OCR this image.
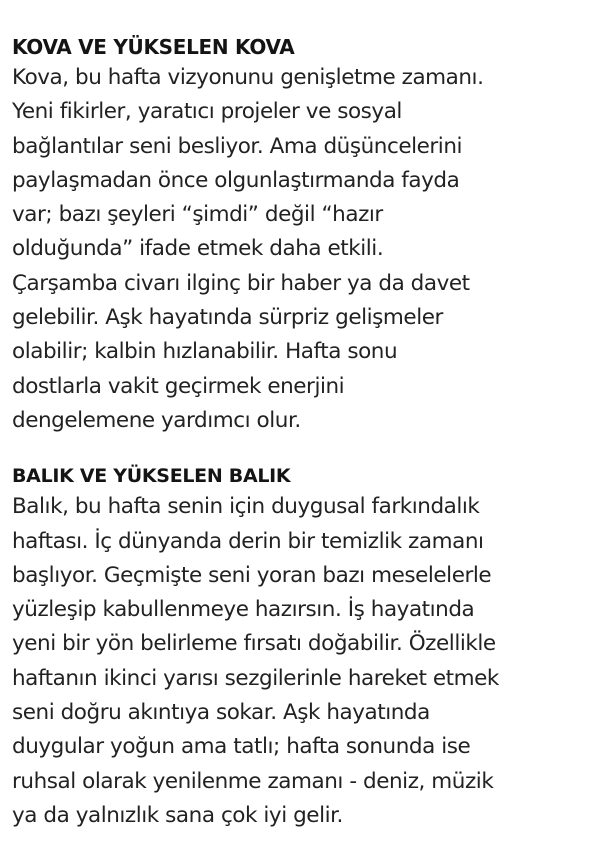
KOVA VE YÜKSELEN KOVA
Kova, bu hafta vizyonunu genişletme zamanı.
Yeni fikirler, yaratıcı projeler ve sosyal
bağlantılar seni besliyor. Ama düşüncelerini
paylaşmadan önce olgunlaştırmanda fayda
var; bazı şeyleri “şimdi” değil “hazır
olduğunda” ifade etmek daha etkili.
Çarşamba civarı ilginç bir haber ya da davet
gelebilir. Aşk hayatında sürpriz gelişmeler
olabilir; kalbin hızlanabilir. Hafta sonu
dostlarla vakit geçirmek enerjini
dengelemene yardımcı olur.
BALIK VE YÜKSELEN BALIK
Balık, bu hafta senin için duygusal farkındalık
haftası. İç dünyanda derin bir temizlik zamanı
başlıyor. Geçmişte seni yoran bazı meselelerle
yüzleşip kabullenmeye hazırsın. İş hayatında
yeni bir yön belirleme fırsatı doğabilir. Özellikle
haftanın ikinci yarısı sezgilerinle hareket etmek
seni doğru akıntıya sokar. Aşk hayatında
duygular yoğun ama tatlı; hafta sonunda ise
ruhsal olarak yenilenme zamanı - deniz, müzik
ya da yalnızlık sana çok iyi gelir.
